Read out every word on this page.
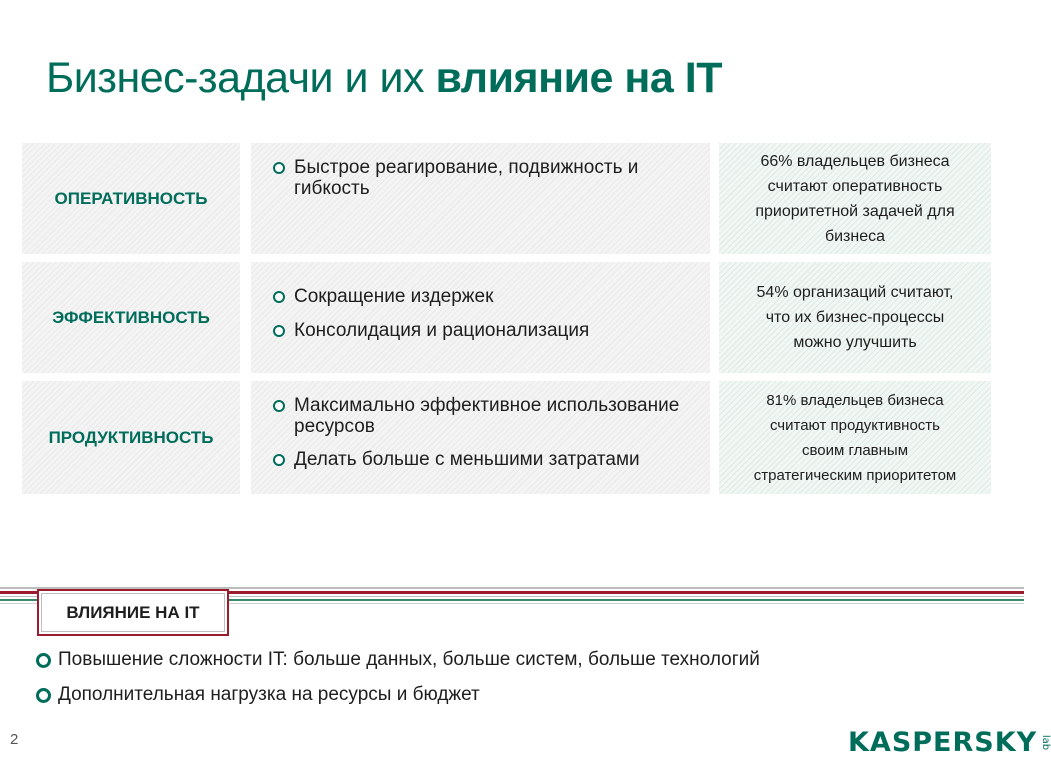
Бизнес-задачи и их влияние на IT
ОПЕРАТИВНОСТЬ
Быстрое реагирование, подвижность и гибкость
66% владельцев бизнеса
считают оперативность
приоритетной задачей для
бизнеса
ЭФФЕКТИВНОСТЬ
Сокращение издержек
Консолидация и рационализация
54% организаций считают,
что их бизнес-процессы
можно улучшить
ПРОДУКТИВНОСТЬ
Максимально эффективное использование ресурсов
Делать больше с меньшими затратами
81% владельцев бизнеса
считают продуктивность
своим главным
стратегическим приоритетом
ВЛИЯНИЕ НА IT
Повышение сложности IT: больше данных, больше систем, больше технологий
Дополнительная нагрузка на ресурсы и бюджет
2	KASPERSKY lab
